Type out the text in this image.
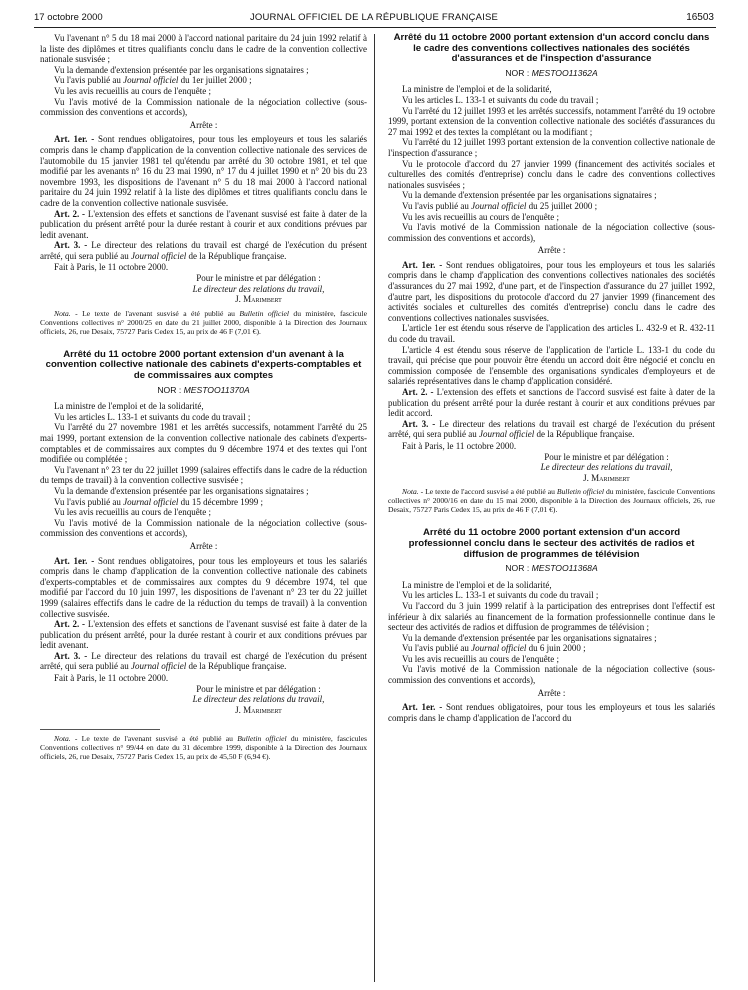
17 octobre 2000	JOURNAL OFFICIEL DE LA RÉPUBLIQUE FRANÇAISE	16503

Vu l'avenant n° 5 du 18 mai 2000 à l'accord national paritaire du 24 juin 1992 relatif à la liste des diplômes et titres qualifiants conclu dans le cadre de la convention collective nationale susvisée ;

Vu la demande d'extension présentée par les organisations signataires ;

Vu l'avis publié au Journal officiel du 1er juillet 2000 ;

Vu les avis recueillis au cours de l'enquête ;

Vu l'avis motivé de la Commission nationale de la négociation collective (sous-commission des conventions et accords),

Arrête :

Art. 1er. - Sont rendues obligatoires, pour tous les employeurs et tous les salariés compris dans le champ d'application de la convention collective nationale des services de l'automobile du 15 janvier 1981 tel qu'étendu par arrêté du 30 octobre 1981, et tel que modifié par les avenants n° 16 du 23 mai 1990, n° 17 du 4 juillet 1990 et n° 20 bis du 23 novembre 1993, les dispositions de l'avenant n° 5 du 18 mai 2000 à l'accord national paritaire du 24 juin 1992 relatif à la liste des diplômes et titres qualifiants conclu dans le cadre de la convention collective nationale susvisée.

Art. 2. - L'extension des effets et sanctions de l'avenant susvisé est faite à dater de la publication du présent arrêté pour la durée restant à courir et aux conditions prévues par ledit avenant.

Art. 3. - Le directeur des relations du travail est chargé de l'exécution du présent arrêté, qui sera publié au Journal officiel de la République française.

Fait à Paris, le 11 octobre 2000.

Pour le ministre et par délégation :
Le directeur des relations du travail,
J. Marimbert

Nota. - Le texte de l'avenant susvisé a été publié au Bulletin officiel du ministère, fascicule Conventions collectives n° 2000/25 en date du 21 juillet 2000, disponible à la Direction des Journaux officiels, 26, rue Desaix, 75727 Paris Cedex 15, au prix de 46 F (7,01 €).

Arrêté du 11 octobre 2000 portant extension d'un avenant à la convention collective nationale des cabinets d'experts-comptables et de commissaires aux comptes
NOR : MESTOO11370A

La ministre de l'emploi et de la solidarité,

Vu les articles L. 133-1 et suivants du code du travail ;

Vu l'arrêté du 27 novembre 1981 et les arrêtés successifs, notamment l'arrêté du 25 mai 1999, portant extension de la convention collective nationale des cabinets d'experts-comptables et de commissaires aux comptes du 9 décembre 1974 et des textes qui l'ont modifiée ou complétée ;

Vu l'avenant n° 23 ter du 22 juillet 1999 (salaires effectifs dans le cadre de la réduction du temps de travail) à la convention collective susvisée ;

Vu la demande d'extension présentée par les organisations signataires ;

Vu l'avis publié au Journal officiel du 15 décembre 1999 ;

Vu les avis recueillis au cours de l'enquête ;

Vu l'avis motivé de la Commission nationale de la négociation collective (sous-commission des conventions et accords),

Arrête :

Art. 1er. - Sont rendues obligatoires, pour tous les employeurs et tous les salariés compris dans le champ d'application de la convention collective nationale des cabinets d'experts-comptables et de commissaires aux comptes du 9 décembre 1974, tel que modifié par l'accord du 10 juin 1997, les dispositions de l'avenant n° 23 ter du 22 juillet 1999 (salaires effectifs dans le cadre de la réduction du temps de travail) à la convention collective susvisée.

Art. 2. - L'extension des effets et sanctions de l'avenant susvisé est faite à dater de la publication du présent arrêté, pour la durée restant à courir et aux conditions prévues par ledit avenant.

Art. 3. - Le directeur des relations du travail est chargé de l'exécution du présent arrêté, qui sera publié au Journal officiel de la République française.

Fait à Paris, le 11 octobre 2000.

Pour le ministre et par délégation :
Le directeur des relations du travail,
J. Marimbert

Nota. - Le texte de l'avenant susvisé a été publié au Bulletin officiel du ministère, fascicules Conventions collectives n° 99/44 en date du 31 décembre 1999, disponible à la Direction des Journaux officiels, 26, rue Desaix, 75727 Paris Cedex 15, au prix de 45,50 F (6,94 €).

Arrêté du 11 octobre 2000 portant extension d'un accord conclu dans le cadre des conventions collectives nationales des sociétés d'assurances et de l'inspection d'assurance
NOR : MESTOO11362A

La ministre de l'emploi et de la solidarité,

Vu les articles L. 133-1 et suivants du code du travail ;

Vu l'arrêté du 12 juillet 1993 et les arrêtés successifs, notamment l'arrêté du 19 octobre 1999, portant extension de la convention collective nationale des sociétés d'assurances du 27 mai 1992 et des textes la complétant ou la modifiant ;

Vu l'arrêté du 12 juillet 1993 portant extension de la convention collective nationale de l'inspection d'assurance ;

Vu le protocole d'accord du 27 janvier 1999 (financement des activités sociales et culturelles des comités d'entreprise) conclu dans le cadre des conventions collectives nationales susvisées ;

Vu la demande d'extension présentée par les organisations signataires ;

Vu l'avis publié au Journal officiel du 25 juillet 2000 ;

Vu les avis recueillis au cours de l'enquête ;

Vu l'avis motivé de la Commission nationale de la négociation collective (sous-commission des conventions et accords),

Arrête :

Art. 1er. - Sont rendues obligatoires, pour tous les employeurs et tous les salariés compris dans le champ d'application des conventions collectives nationales des sociétés d'assurances du 27 mai 1992, d'une part, et de l'inspection d'assurance du 27 juillet 1992, d'autre part, les dispositions du protocole d'accord du 27 janvier 1999 (financement des activités sociales et culturelles des comités d'entreprise) conclu dans le cadre des conventions collectives nationales susvisées.

L'article 1er est étendu sous réserve de l'application des articles L. 432-9 et R. 432-11 du code du travail.

L'article 4 est étendu sous réserve de l'application de l'article L. 133-1 du code du travail, qui précise que pour pouvoir être étendu un accord doit être négocié et conclu en commission composée de l'ensemble des organisations syndicales d'employeurs et de salariés représentatives dans le champ d'application considéré.

Art. 2. - L'extension des effets et sanctions de l'accord susvisé est faite à dater de la publication du présent arrêté pour la durée restant à courir et aux conditions prévues par ledit accord.

Art. 3. - Le directeur des relations du travail est chargé de l'exécution du présent arrêté, qui sera publié au Journal officiel de la République française.

Fait à Paris, le 11 octobre 2000.

Pour le ministre et par délégation :
Le directeur des relations du travail,
J. Marimbert

Nota. - Le texte de l'accord susvisé a été publié au Bulletin officiel du ministère, fascicule Conventions collectives n° 2000/16 en date du 15 mai 2000, disponible à la Direction des Journaux officiels, 26, rue Desaix, 75727 Paris Cedex 15, au prix de 46 F (7,01 €).

Arrêté du 11 octobre 2000 portant extension d'un accord professionnel conclu dans le secteur des activités de radios et diffusion de programmes de télévision
NOR : MESTOO11368A

La ministre de l'emploi et de la solidarité,

Vu les articles L. 133-1 et suivants du code du travail ;

Vu l'accord du 3 juin 1999 relatif à la participation des entreprises dont l'effectif est inférieur à dix salariés au financement de la formation professionnelle continue dans le secteur des activités de radios et diffusion de programmes de télévision ;

Vu la demande d'extension présentée par les organisations signataires ;

Vu l'avis publié au Journal officiel du 6 juin 2000 ;

Vu les avis recueillis au cours de l'enquête ;

Vu l'avis motivé de la Commission nationale de la négociation collective (sous-commission des conventions et accords),

Arrête :

Art. 1er. - Sont rendues obligatoires, pour tous les employeurs et tous les salariés compris dans le champ d'application de l'accord du
